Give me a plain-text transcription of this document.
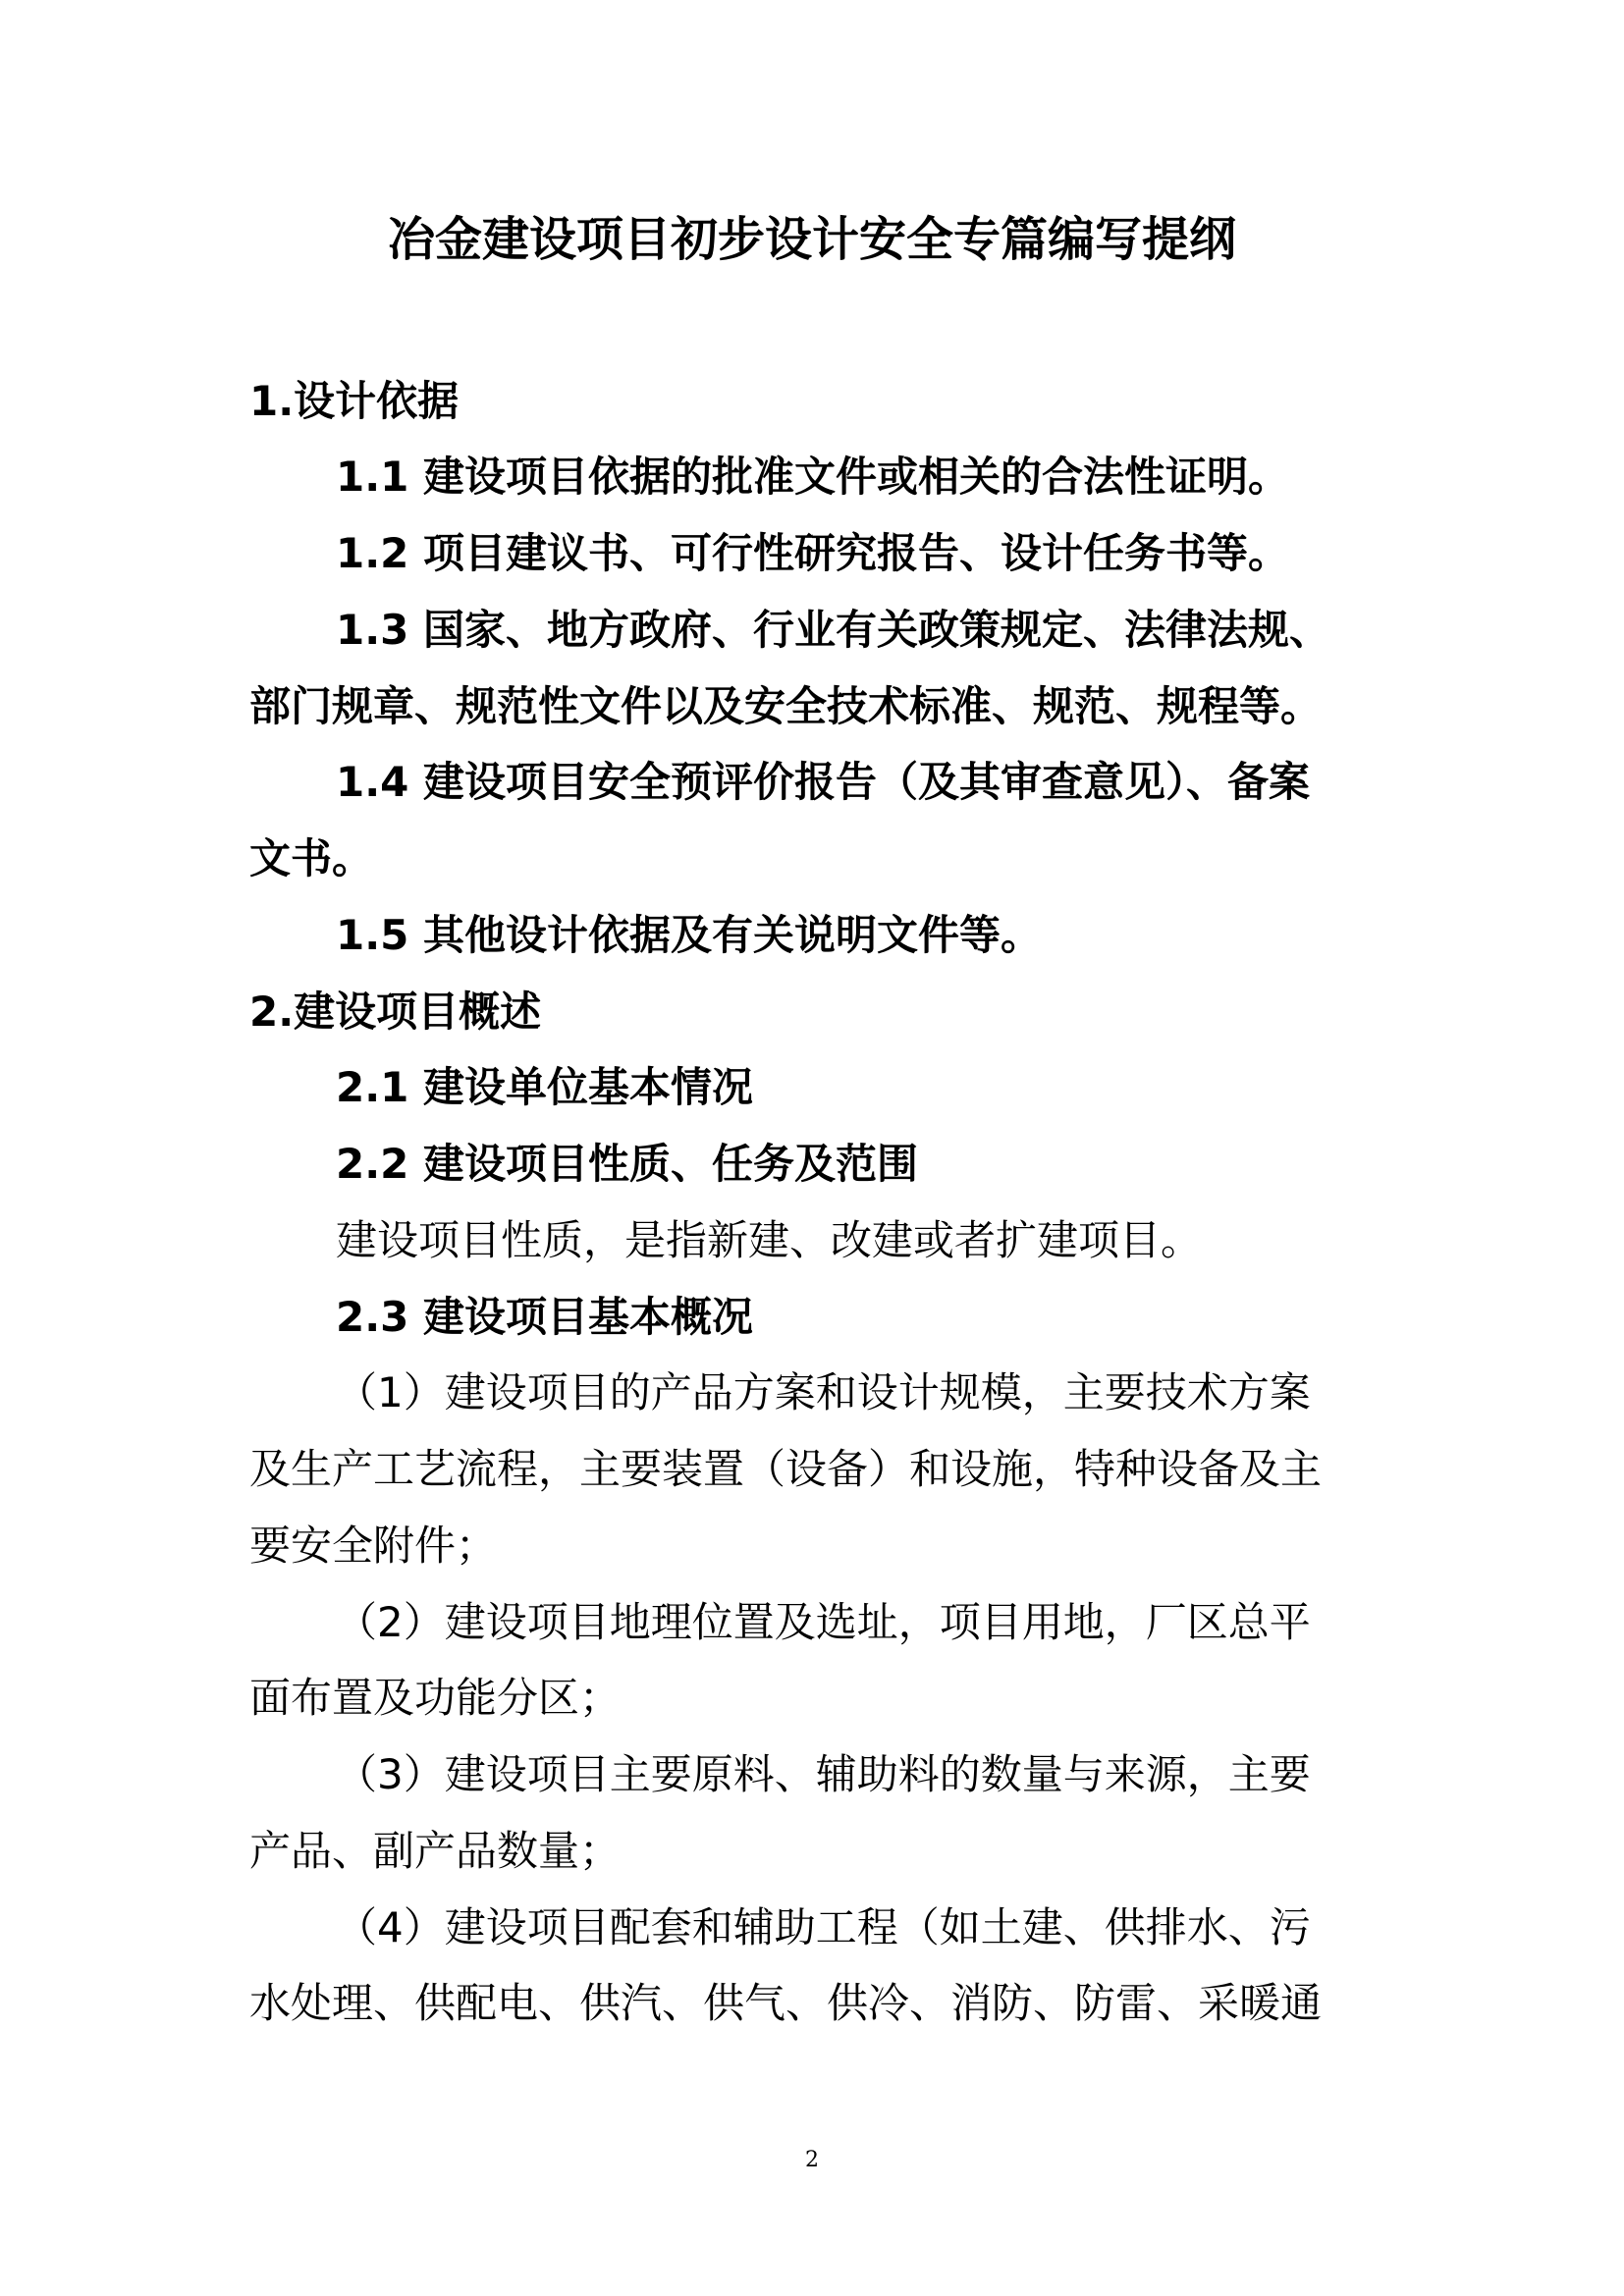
冶金建设项目初步设计安全专篇编写提纲
1.设计依据
1.1 建设项目依据的批准文件或相关的合法性证明。
1.2 项目建议书、可行性研究报告、设计任务书等。
1.3 国家、地方政府、行业有关政策规定、法律法规、
部门规章、规范性文件以及安全技术标准、规范、规程等。
1.4 建设项目安全预评价报告（及其审查意见）、备案
文书。
1.5 其他设计依据及有关说明文件等。
2.建设项目概述
2.1 建设单位基本情况
2.2 建设项目性质、任务及范围
建设项目性质，是指新建、改建或者扩建项目。
2.3 建设项目基本概况
（1）建设项目的产品方案和设计规模，主要技术方案
及生产工艺流程，主要装置（设备）和设施，特种设备及主
要安全附件；
（2）建设项目地理位置及选址，项目用地，厂区总平
面布置及功能分区；
（3）建设项目主要原料、辅助料的数量与来源，主要
产品、副产品数量；
（4）建设项目配套和辅助工程（如土建、供排水、污
水处理、供配电、供汽、供气、供冷、消防、防雷、采暖通
2
